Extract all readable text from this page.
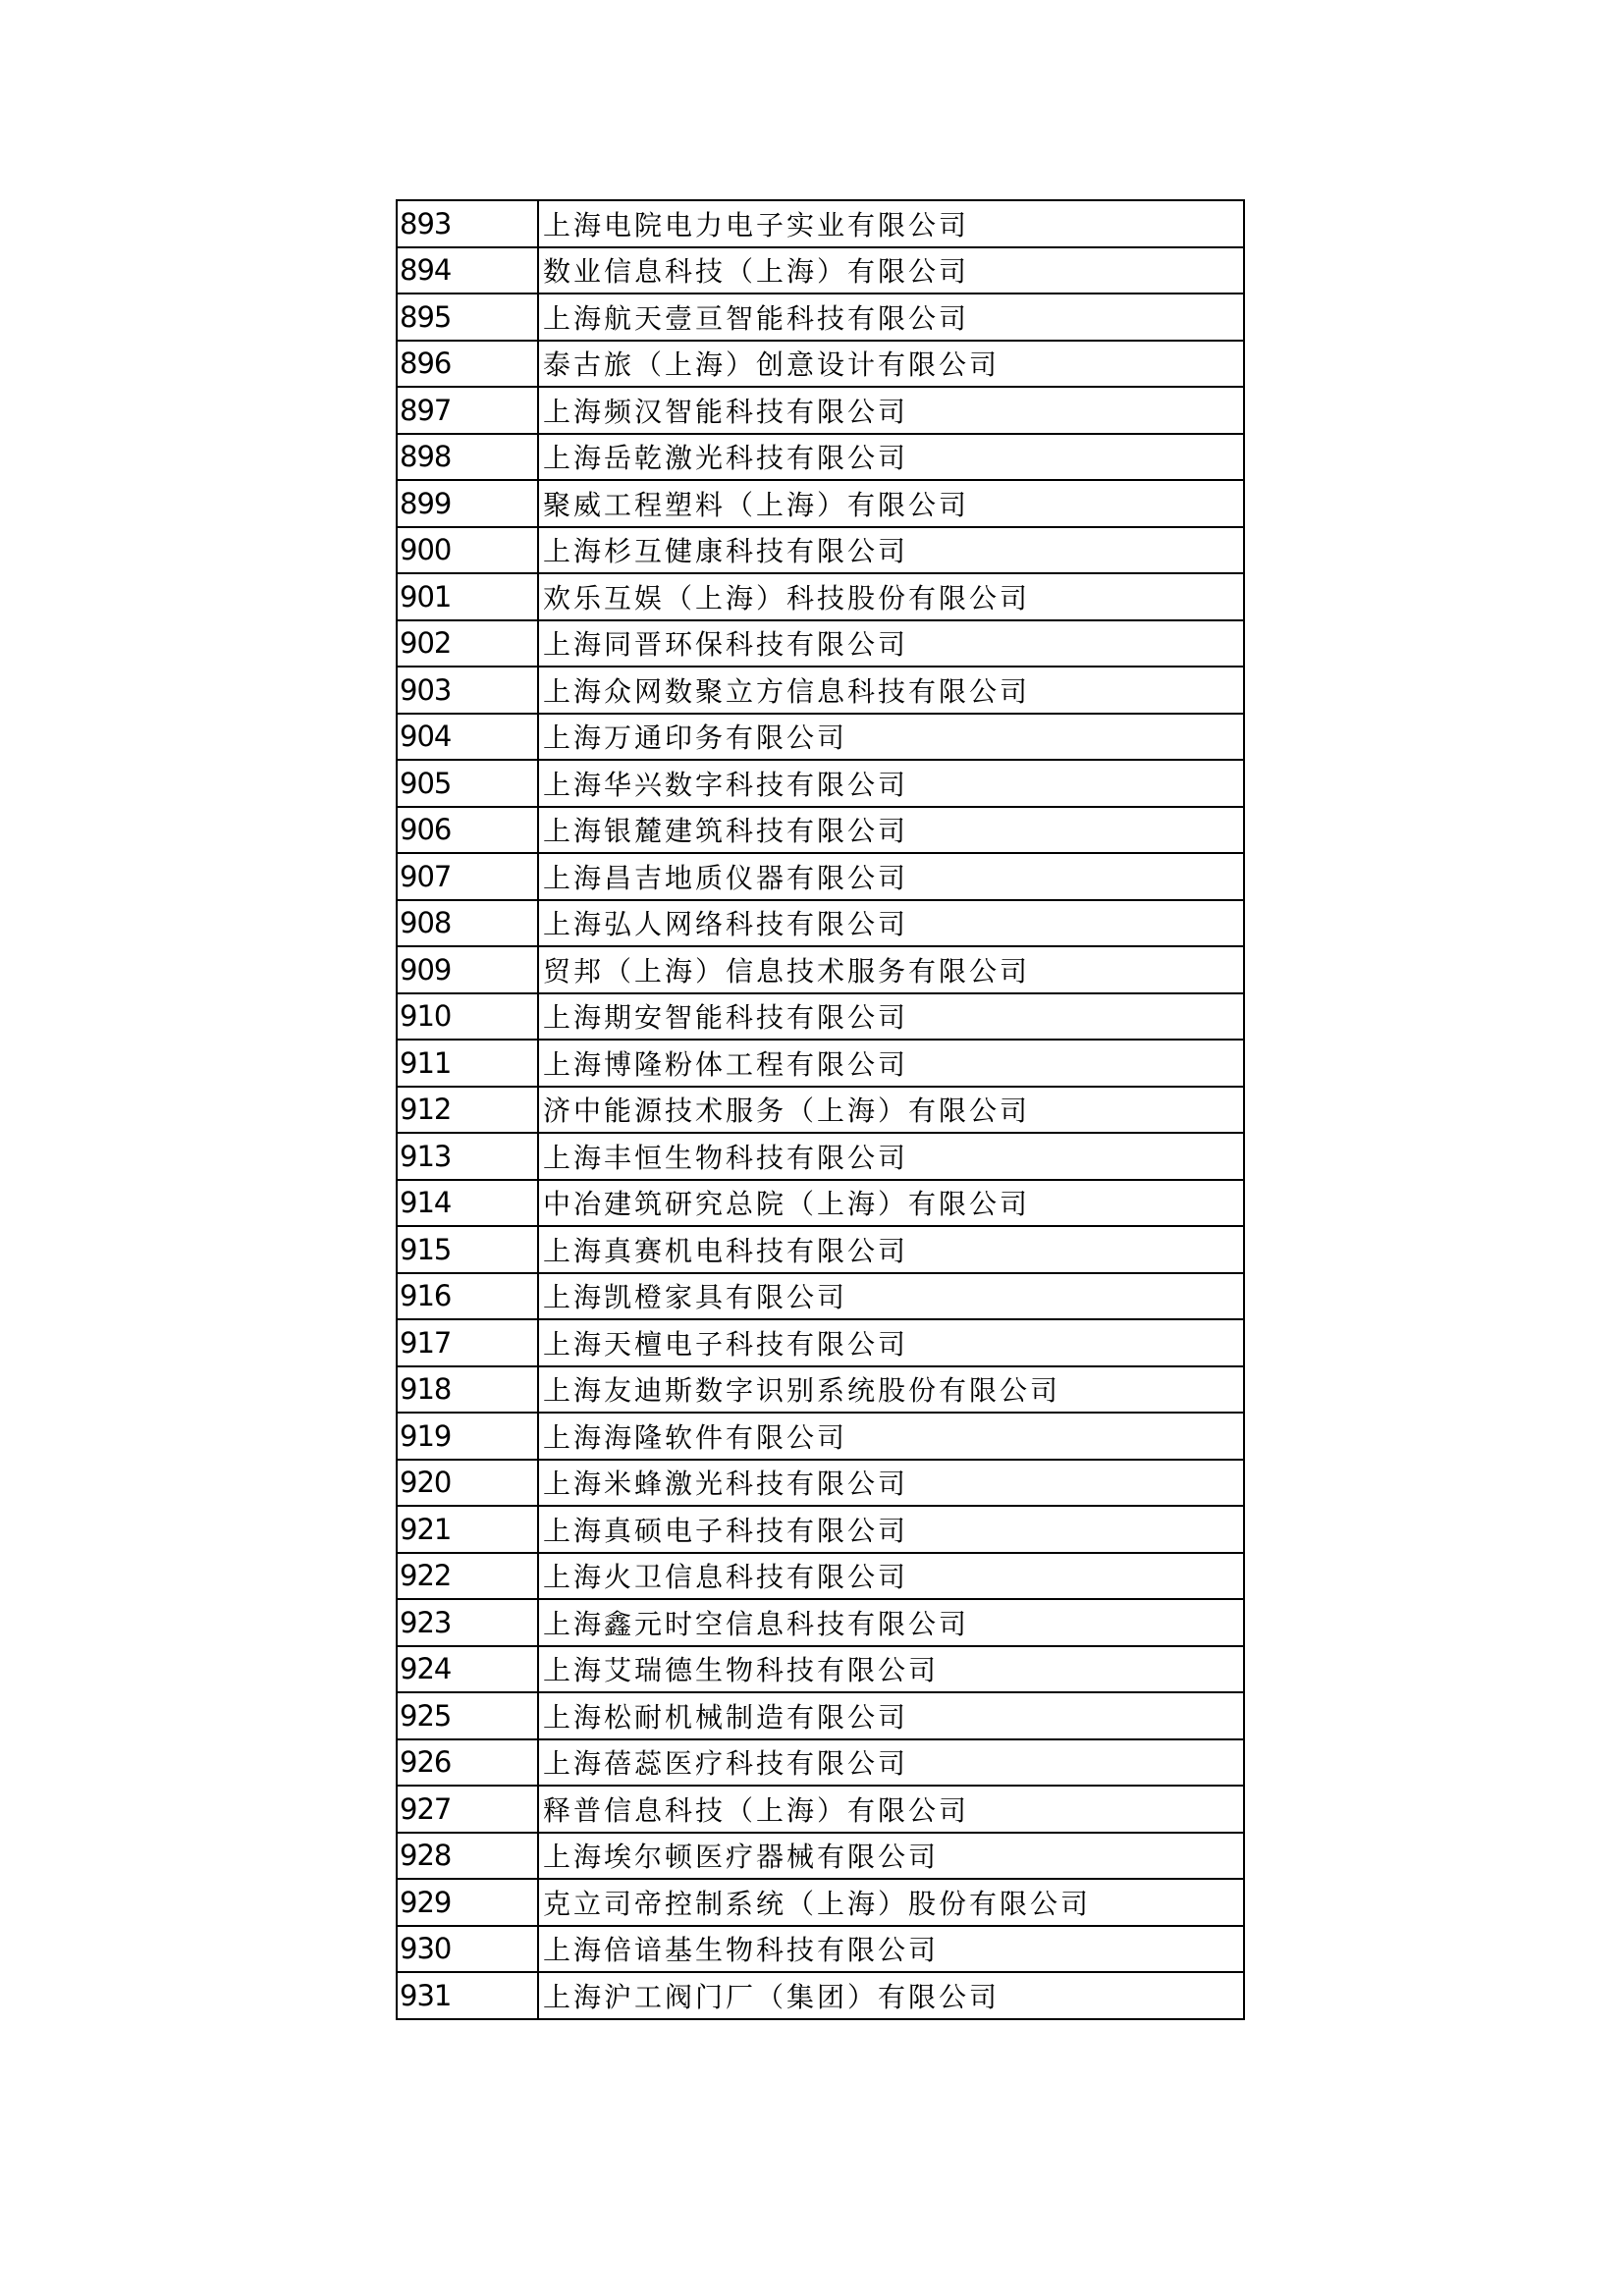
893	上海电院电力电子实业有限公司
894	数业信息科技（上海）有限公司
895	上海航天壹亘智能科技有限公司
896	泰古旅（上海）创意设计有限公司
897	上海频汉智能科技有限公司
898	上海岳乾激光科技有限公司
899	聚威工程塑料（上海）有限公司
900	上海杉互健康科技有限公司
901	欢乐互娱（上海）科技股份有限公司
902	上海同晋环保科技有限公司
903	上海众网数聚立方信息科技有限公司
904	上海万通印务有限公司
905	上海华兴数字科技有限公司
906	上海银麓建筑科技有限公司
907	上海昌吉地质仪器有限公司
908	上海弘人网络科技有限公司
909	贸邦（上海）信息技术服务有限公司
910	上海期安智能科技有限公司
911	上海博隆粉体工程有限公司
912	济中能源技术服务（上海）有限公司
913	上海丰恒生物科技有限公司
914	中冶建筑研究总院（上海）有限公司
915	上海真赛机电科技有限公司
916	上海凯橙家具有限公司
917	上海天檀电子科技有限公司
918	上海友迪斯数字识别系统股份有限公司
919	上海海隆软件有限公司
920	上海米蜂激光科技有限公司
921	上海真硕电子科技有限公司
922	上海火卫信息科技有限公司
923	上海鑫元时空信息科技有限公司
924	上海艾瑞德生物科技有限公司
925	上海松耐机械制造有限公司
926	上海蓓蕊医疗科技有限公司
927	释普信息科技（上海）有限公司
928	上海埃尔顿医疗器械有限公司
929	克立司帝控制系统（上海）股份有限公司
930	上海倍谙基生物科技有限公司
931	上海沪工阀门厂（集团）有限公司
